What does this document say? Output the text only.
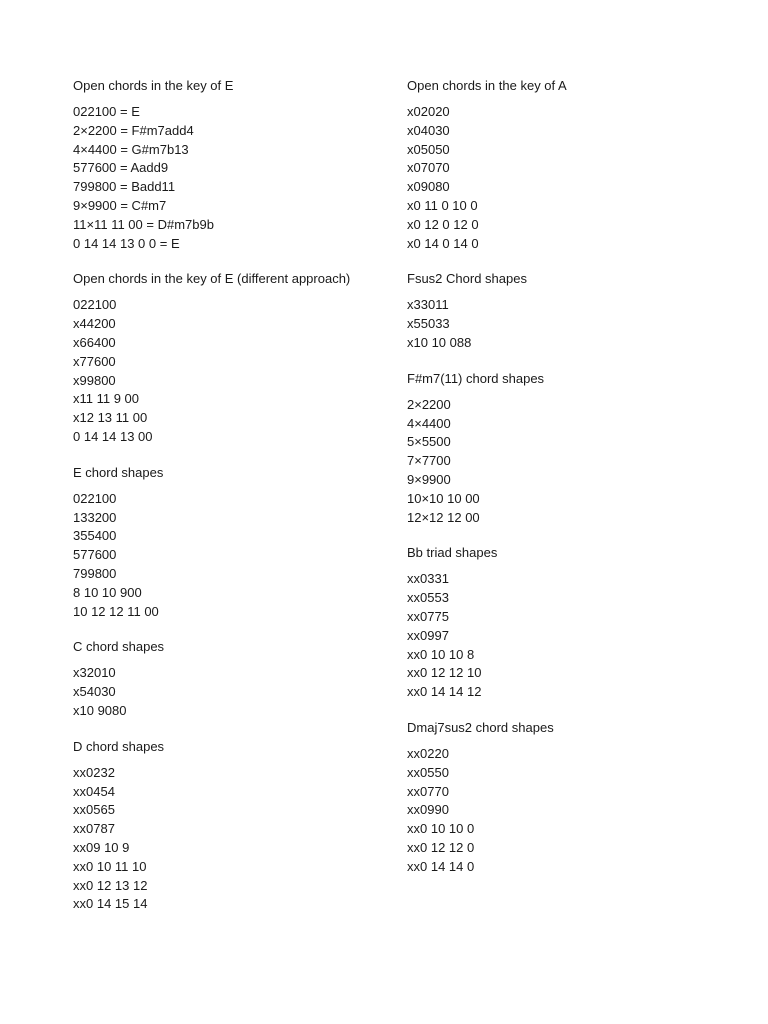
Open chords in the key of E
022100 = E
2×2200 = F#m7add4
4×4400 = G#m7b13
577600 = Aadd9
799800 = Badd11
9×9900 = C#m7
11×11 11 00 = D#m7b9b
0 14 14 13 0 0 = E
Open chords in the key of E (different approach)
022100
x44200
x66400
x77600
x99800
x11 11 9 00
x12 13 11 00
0 14 14 13 00
E chord shapes
022100
133200
355400
577600
799800
8 10 10 900
10 12 12 11 00
C chord shapes
x32010
x54030
x10 9080
D chord shapes
xx0232
xx0454
xx0565
xx0787
xx09 10 9
xx0 10 11 10
xx0 12 13 12
xx0 14 15 14
Open chords in the key of A
x02020
x04030
x05050
x07070
x09080
x0 11 0 10 0
x0 12 0 12 0
x0 14 0 14 0
Fsus2 Chord shapes
x33011
x55033
x10 10 088
F#m7(11) chord shapes
2×2200
4×4400
5×5500
7×7700
9×9900
10×10 10 00
12×12 12 00
Bb triad shapes
xx0331
xx0553
xx0775
xx0997
xx0 10 10 8
xx0 12 12 10
xx0 14 14 12
Dmaj7sus2 chord shapes
xx0220
xx0550
xx0770
xx0990
xx0 10 10 0
xx0 12 12 0
xx0 14 14 0
